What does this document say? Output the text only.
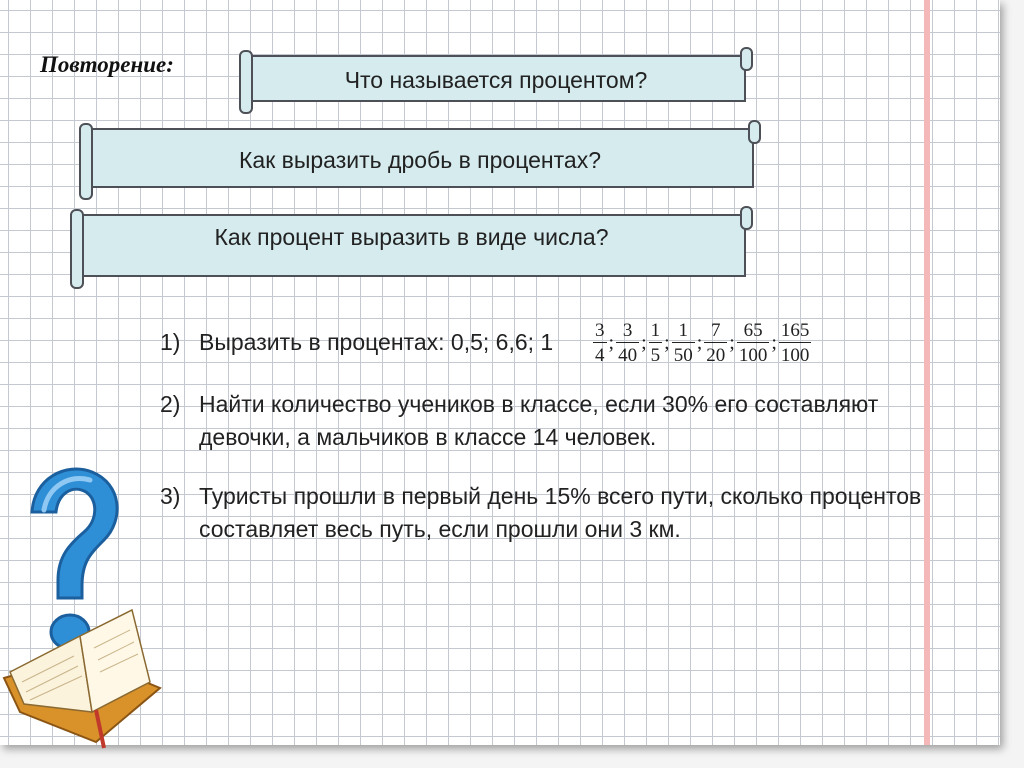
Повторение:
Что называется процентом?
Как выразить дробь в процентах?
Как процент выразить в виде числа?
1) Выразить в процентах: 0,5; 6,6; $1 \frac{3}{4}$ ; $\frac{3}{40}$ ; $\frac{1}{5}$ ; $\frac{1}{50}$ ; $\frac{7}{20}$ ; $\frac{65}{100}$ ; $\frac{165}{100}$
2) Найти количество учеников в классе, если 30% его составляют
девочки, а мальчиков в классе 14 человек.
3) Туристы прошли в первый день 15% всего пути, сколько процентов
составляет весь путь, если прошли они 3 км.
